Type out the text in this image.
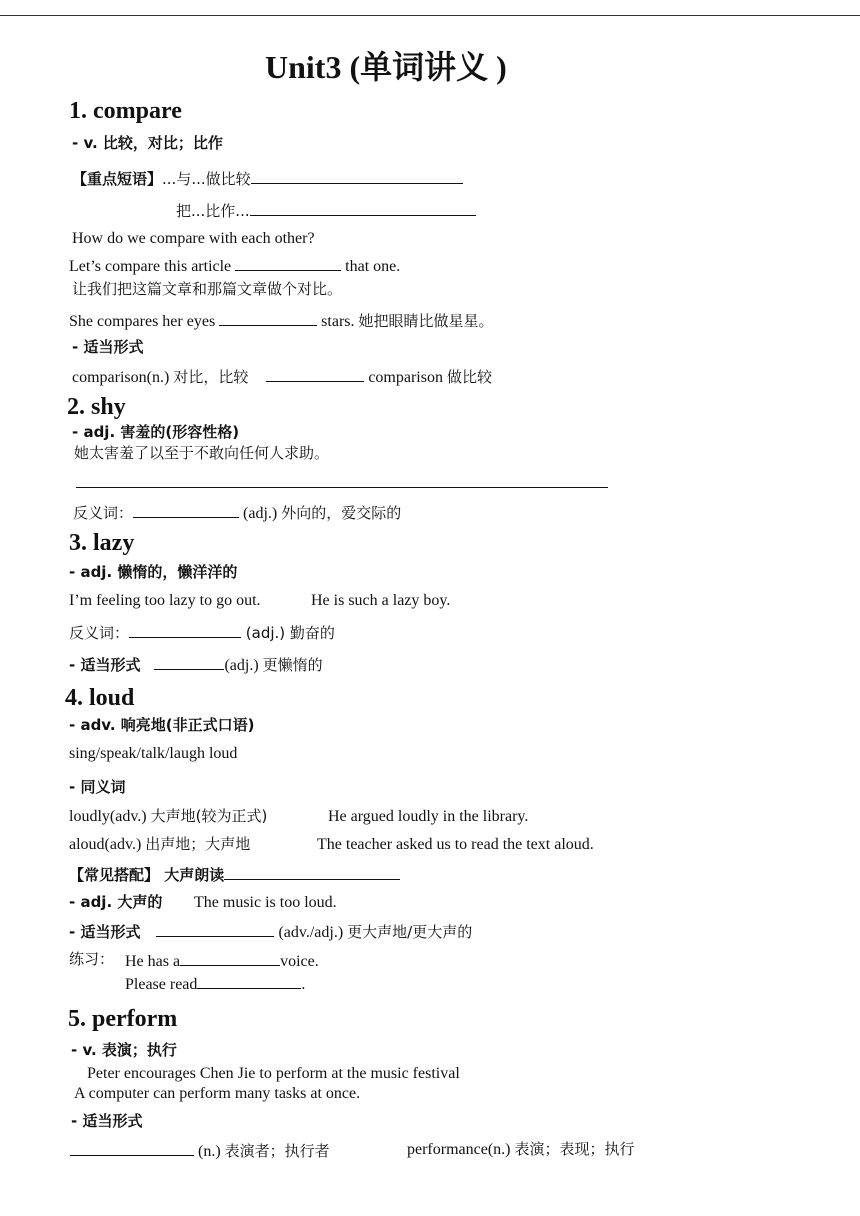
Unit3 (单词讲义 )
1. compare
- v. 比较，对比；比作
【重点短语】...与...做比较
把...比作...
How do we compare with each other?
Let’s compare this article	that one.
让我们把这篇文章和那篇文章做个对比。
She compares her eyes	stars. 她把眼睛比做星星。
- 适当形式
comparison(n.) 对比，比较	comparison 做比较
2. shy
- adj. 害羞的(形容性格)
她太害羞了以至于不敢向任何人求助。
反义词：	(adj.) 外向的，爱交际的
3. lazy
- adj. 懒惰的，懒洋洋的
I’m feeling too lazy to go out.	He is such a lazy boy.
反义词：	(adj.) 勤奋的
- 适当形式	(adj.) 更懒惰的
4. loud
- adv. 响亮地(非正式口语)
sing/speak/talk/laugh loud
- 同义词
loudly(adv.) 大声地(较为正式)	He argued loudly in the library.
aloud(adv.) 出声地；大声地	The teacher asked us to read the text aloud.
【常见搭配】 大声朗读
- adj. 大声的 The music is too loud.
- 适当形式	(adv./adj.) 更大声地/更大声的
练习： He has a	voice.
Please read	.
5. perform
- v. 表演；执行
Peter encourages Chen Jie to perform at the music festival
A computer can perform many tasks at once.
- 适当形式
(n.) 表演者；执行者	performance(n.) 表演；表现；执行
